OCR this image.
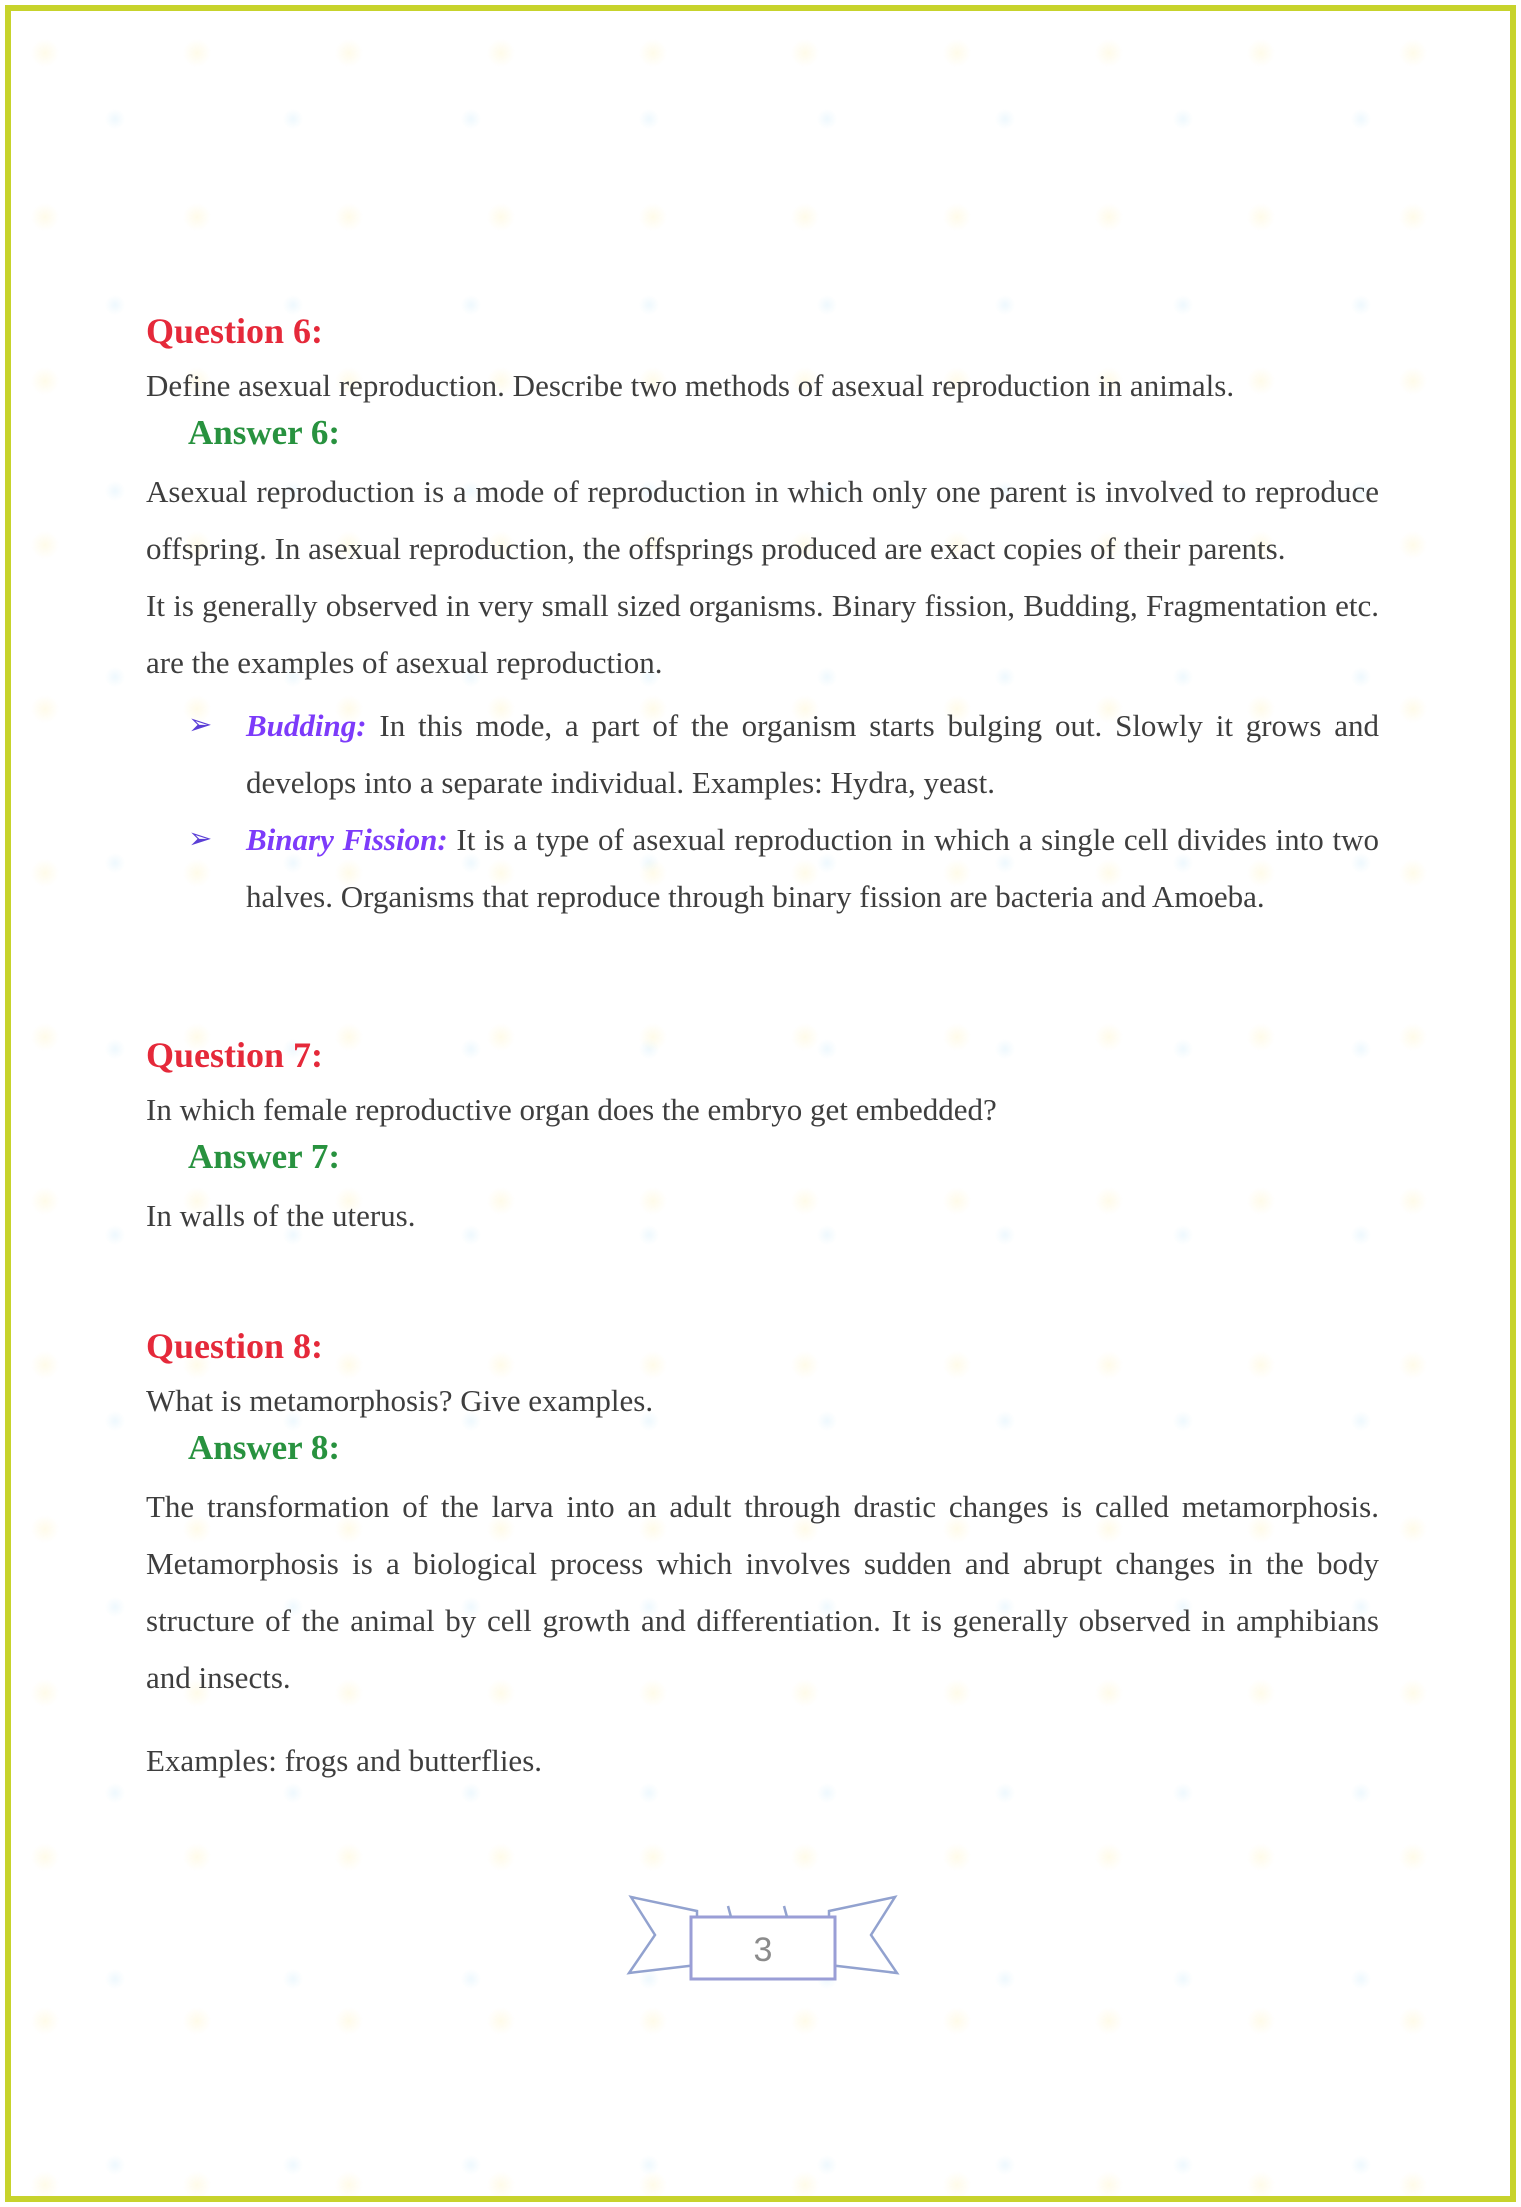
Question 6:

Define asexual reproduction. Describe two methods of asexual reproduction in animals.

Answer 6:

Asexual reproduction is a mode of reproduction in which only one parent is involved to reproduce offspring. In asexual reproduction, the offsprings produced are exact copies of their parents.

It is generally observed in very small sized organisms. Binary fission, Budding, Fragmentation etc. are the examples of asexual reproduction.

➢ Budding: In this mode, a part of the organism starts bulging out. Slowly it grows and develops into a separate individual. Examples: Hydra, yeast.
➢ Binary Fission: It is a type of asexual reproduction in which a single cell divides into two halves. Organisms that reproduce through binary fission are bacteria and Amoeba.
Question 7:

In which female reproductive organ does the embryo get embedded?

Answer 7:

In walls of the uterus.

Question 8:

What is metamorphosis? Give examples.

Answer 8:

The transformation of the larva into an adult through drastic changes is called metamorphosis. Metamorphosis is a biological process which involves sudden and abrupt changes in the body structure of the animal by cell growth and differentiation. It is generally observed in amphibians and insects.

Examples: frogs and butterflies.

3
